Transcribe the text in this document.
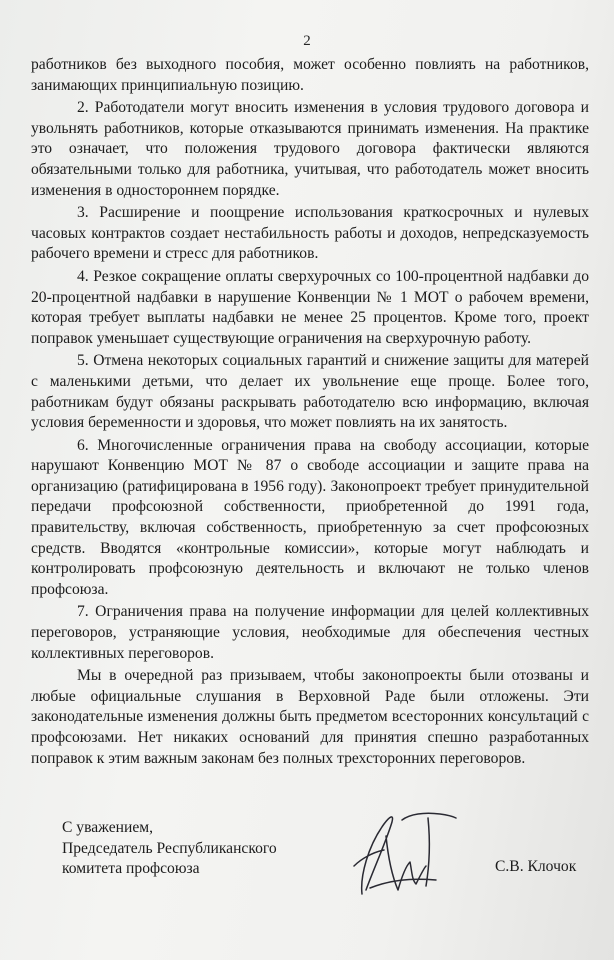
2

работников без выходного пособия, может особенно повлиять на работников, занимающих принципиальную позицию.

2. Работодатели могут вносить изменения в условия трудового договора и увольнять работников, которые отказываются принимать изменения. На практике это означает, что положения трудового договора фактически являются обязательными только для работника, учитывая, что работодатель может вносить изменения в одностороннем порядке.

3. Расширение и поощрение использования краткосрочных и нулевых часовых контрактов создает нестабильность работы и доходов, непредсказуемость рабочего времени и стресс для работников.

4. Резкое сокращение оплаты сверхурочных со 100-процентной надбавки до 20-процентной надбавки в нарушение Конвенции № 1 МОТ о рабочем времени, которая требует выплаты надбавки не менее 25 процентов. Кроме того, проект поправок уменьшает существующие ограничения на сверхурочную работу.

5. Отмена некоторых социальных гарантий и снижение защиты для матерей с маленькими детьми, что делает их увольнение еще проще. Более того, работникам будут обязаны раскрывать работодателю всю информацию, включая условия беременности и здоровья, что может повлиять на их занятость.

6. Многочисленные ограничения права на свободу ассоциации, которые нарушают Конвенцию МОТ № 87 о свободе ассоциации и защите права на организацию (ратифицирована в 1956 году). Законопроект требует принудительной передачи профсоюзной собственности, приобретенной до 1991 года, правительству, включая собственность, приобретенную за счет профсоюзных средств. Вводятся «контрольные комиссии», которые могут наблюдать и контролировать профсоюзную деятельность и включают не только членов профсоюза.

7. Ограничения права на получение информации для целей коллективных переговоров, устраняющие условия, необходимые для обеспечения честных коллективных переговоров.

Мы в очередной раз призываем, чтобы законопроекты были отозваны и любые официальные слушания в Верховной Раде были отложены. Эти законодательные изменения должны быть предметом всесторонних консультаций с профсоюзами. Нет никаких оснований для принятия спешно разработанных поправок к этим важным законам без полных трехсторонних переговоров.

С уважением,
Председатель Республиканского
комитета профсоюза	С.В. Клочок
